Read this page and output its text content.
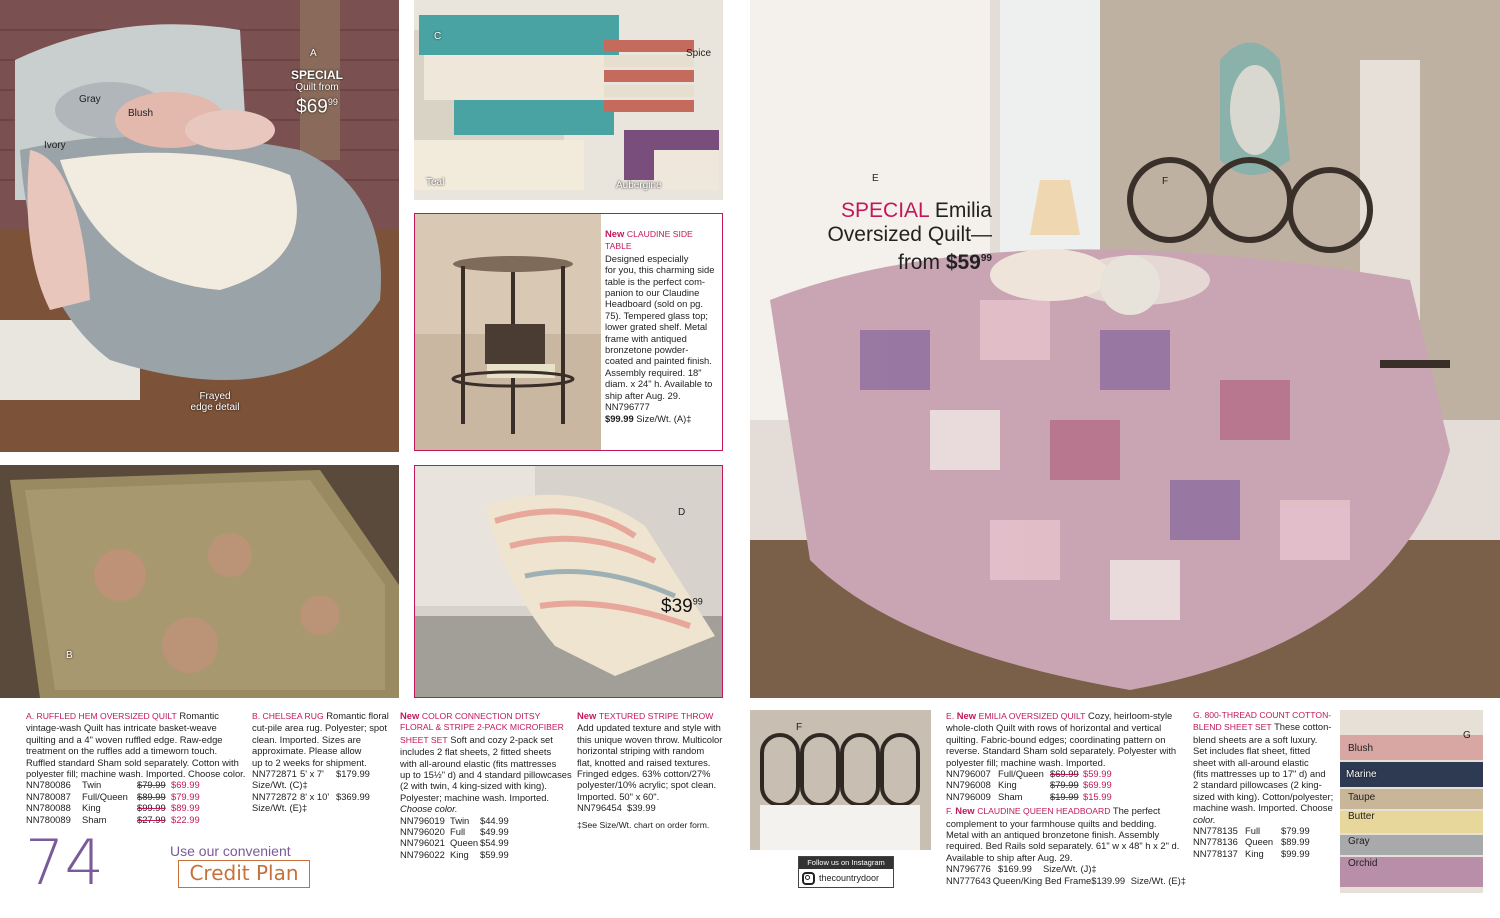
A
SPECIAL
Quilt from
$\$69^{99}$
Gray
Blush
Ivory
Frayed
edge detail
B
C
Spice
Teal	Aubergine
New CLAUDINE SIDE TABLE
Designed especially
for you, this charming side
table is the perfect com-
panion to our Claudine
Headboard (sold on pg.
75). Tempered glass top;
lower grated shelf. Metal
frame with antiqued
bronzetone powder-
coated and painted finish.
Assembly required. 18"
diam. x 24" h. Available to
ship after Aug. 29.
NN796777
$99.99 Size/Wt. (A)‡
D
$\$39^{99}$
E	F
SPECIAL Emilia
Oversized Quilt—
from $\$59^{99}$
F
G
Blush
Marine
Taupe
Butter
Gray
Orchid
Follow us on Instagram
thecountrydoor
A. RUFFLED HEM OVERSIZED QUILT Romantic
vintage-wash Quilt has intricate basket-weave
quilting and a 4" woven ruffled edge. Raw-edge
treatment on the ruffles add a timeworn touch.
Ruffled standard Sham sold separately. Cotton with
polyester fill; machine wash. Imported. Choose color.
NN780086	Twin	$79.99 $69.99
NN780087	Full/Queen $89.99 $79.99
NN780088	King	$99.99 $89.99
NN780089	Sham	$27.99 $22.99
B. CHELSEA RUG Romantic floral
cut-pile area rug. Polyester; spot
clean. Imported. Sizes are
approximate. Please allow
up to 2 weeks for shipment.
NN772871 5' x 7'	$179.99
Size/Wt. (C)‡
NN772872 8' x 10' $369.99
Size/Wt. (E)‡
New COLOR CONNECTION DITSY
FLORAL & STRIPE 2-PACK MICROFIBER
SHEET SET Soft and cozy 2-pack set
includes 2 flat sheets, 2 fitted sheets
with all-around elastic (fits mattresses
up to 15½" d) and 4 standard pillowcases
(2 with twin, 4 king-sized with king).
Polyester; machine wash. Imported.
Choose color.
NN796019 Twin	$44.99
NN796020 Full	$49.99
NN796021 Queen $54.99
NN796022 King	$59.99
New TEXTURED STRIPE THROW
Add updated texture and style with
this unique woven throw. Multicolor
horizontal striping with random
flat, knotted and raised textures.
Fringed edges. 63% cotton/27%
polyester/10% acrylic; spot clean.
Imported. 50" x 60".
NN796454 $39.99
‡See Size/Wt. chart on order form.
E. New EMILIA OVERSIZED QUILT Cozy, heirloom-style
whole-cloth Quilt with rows of horizontal and vertical
quilting. Fabric-bound edges; coordinating pattern on
reverse. Standard Sham sold separately. Polyester with
polyester fill; machine wash. Imported.
NN796007 Full/Queen $69.99 $59.99
NN796008 King	$79.99 $69.99
NN796009 Sham	$19.99 $15.99
F. New CLAUDINE QUEEN HEADBOARD The perfect
complement to your farmhouse quilts and bedding.
Metal with an antiqued bronzetone finish. Assembly
required. Bed Rails sold separately. 61" w x 48" h x 2" d.
Available to ship after Aug. 29.
NN796776 $169.99	Size/Wt. (J)‡
NN777643 Queen/King Bed Frame $139.99 Size/Wt. (E)‡
G. 800-THREAD COUNT COTTON-
BLEND SHEET SET These cotton-
blend sheets are a soft luxury.
Set includes flat sheet, fitted
sheet with all-around elastic
(fits mattresses up to 17" d) and
2 standard pillowcases (2 king-
sized with king). Cotton/polyester;
machine wash. Imported. Choose
color.
NN778135 Full	$79.99
NN778136 Queen $89.99
NN778137 King	$99.99
74	Use our convenient
Credit Plan
